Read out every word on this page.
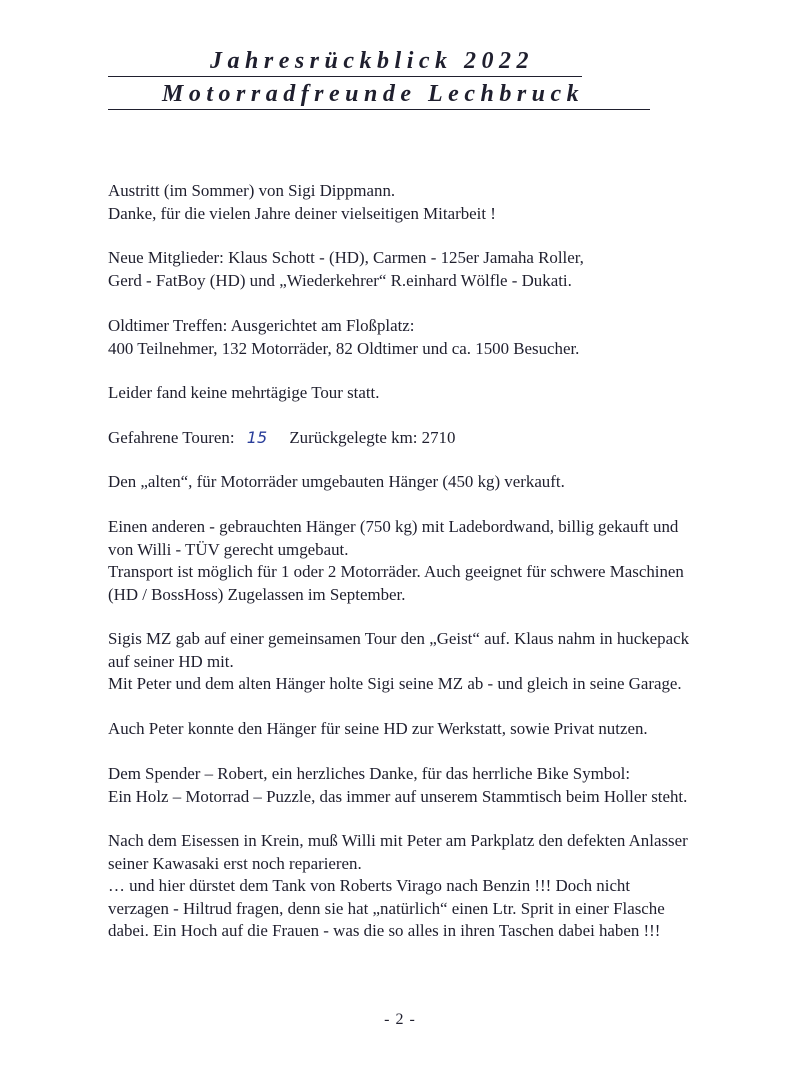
Jahresrückblick 2022
Motorradfreunde Lechbruck

Austritt (im Sommer) von Sigi Dippmann.

Danke, für die vielen Jahre deiner vielseitigen Mitarbeit !

Neue Mitglieder: Klaus Schott - (HD), Carmen - 125er Jamaha Roller,

Gerd - FatBoy (HD) und „Wiederkehrer“ R.einhard Wölfle - Dukati.

Oldtimer Treffen: Ausgerichtet am Floßplatz:

400 Teilnehmer, 132 Motorräder, 82 Oldtimer und ca. 1500 Besucher.

Leider fand keine mehrtägige Tour statt.

Gefahrene Touren: 15 Zurückgelegte km: 2710

Den „alten“, für Motorräder umgebauten Hänger (450 kg) verkauft.

Einen anderen - gebrauchten Hänger (750 kg) mit Ladebordwand, billig gekauft und

von Willi - TÜV gerecht umgebaut.

Transport ist möglich für 1 oder 2 Motorräder. Auch geeignet für schwere Maschinen

(HD / BossHoss) Zugelassen im September.

Sigis MZ gab auf einer gemeinsamen Tour den „Geist“ auf. Klaus nahm in huckepack

auf seiner HD mit.

Mit Peter und dem alten Hänger holte Sigi seine MZ ab - und gleich in seine Garage.

Auch Peter konnte den Hänger für seine HD zur Werkstatt, sowie Privat nutzen.

Dem Spender – Robert, ein herzliches Danke, für das herrliche Bike Symbol:

Ein Holz – Motorrad – Puzzle, das immer auf unserem Stammtisch beim Holler steht.

Nach dem Eisessen in Krein, muß Willi mit Peter am Parkplatz den defekten Anlasser

seiner Kawasaki erst noch reparieren.

… und hier dürstet dem Tank von Roberts Virago nach Benzin !!! Doch nicht

verzagen - Hiltrud fragen, denn sie hat „natürlich“ einen Ltr. Sprit in einer Flasche

dabei. Ein Hoch auf die Frauen - was die so alles in ihren Taschen dabei haben !!!

- 2 -
